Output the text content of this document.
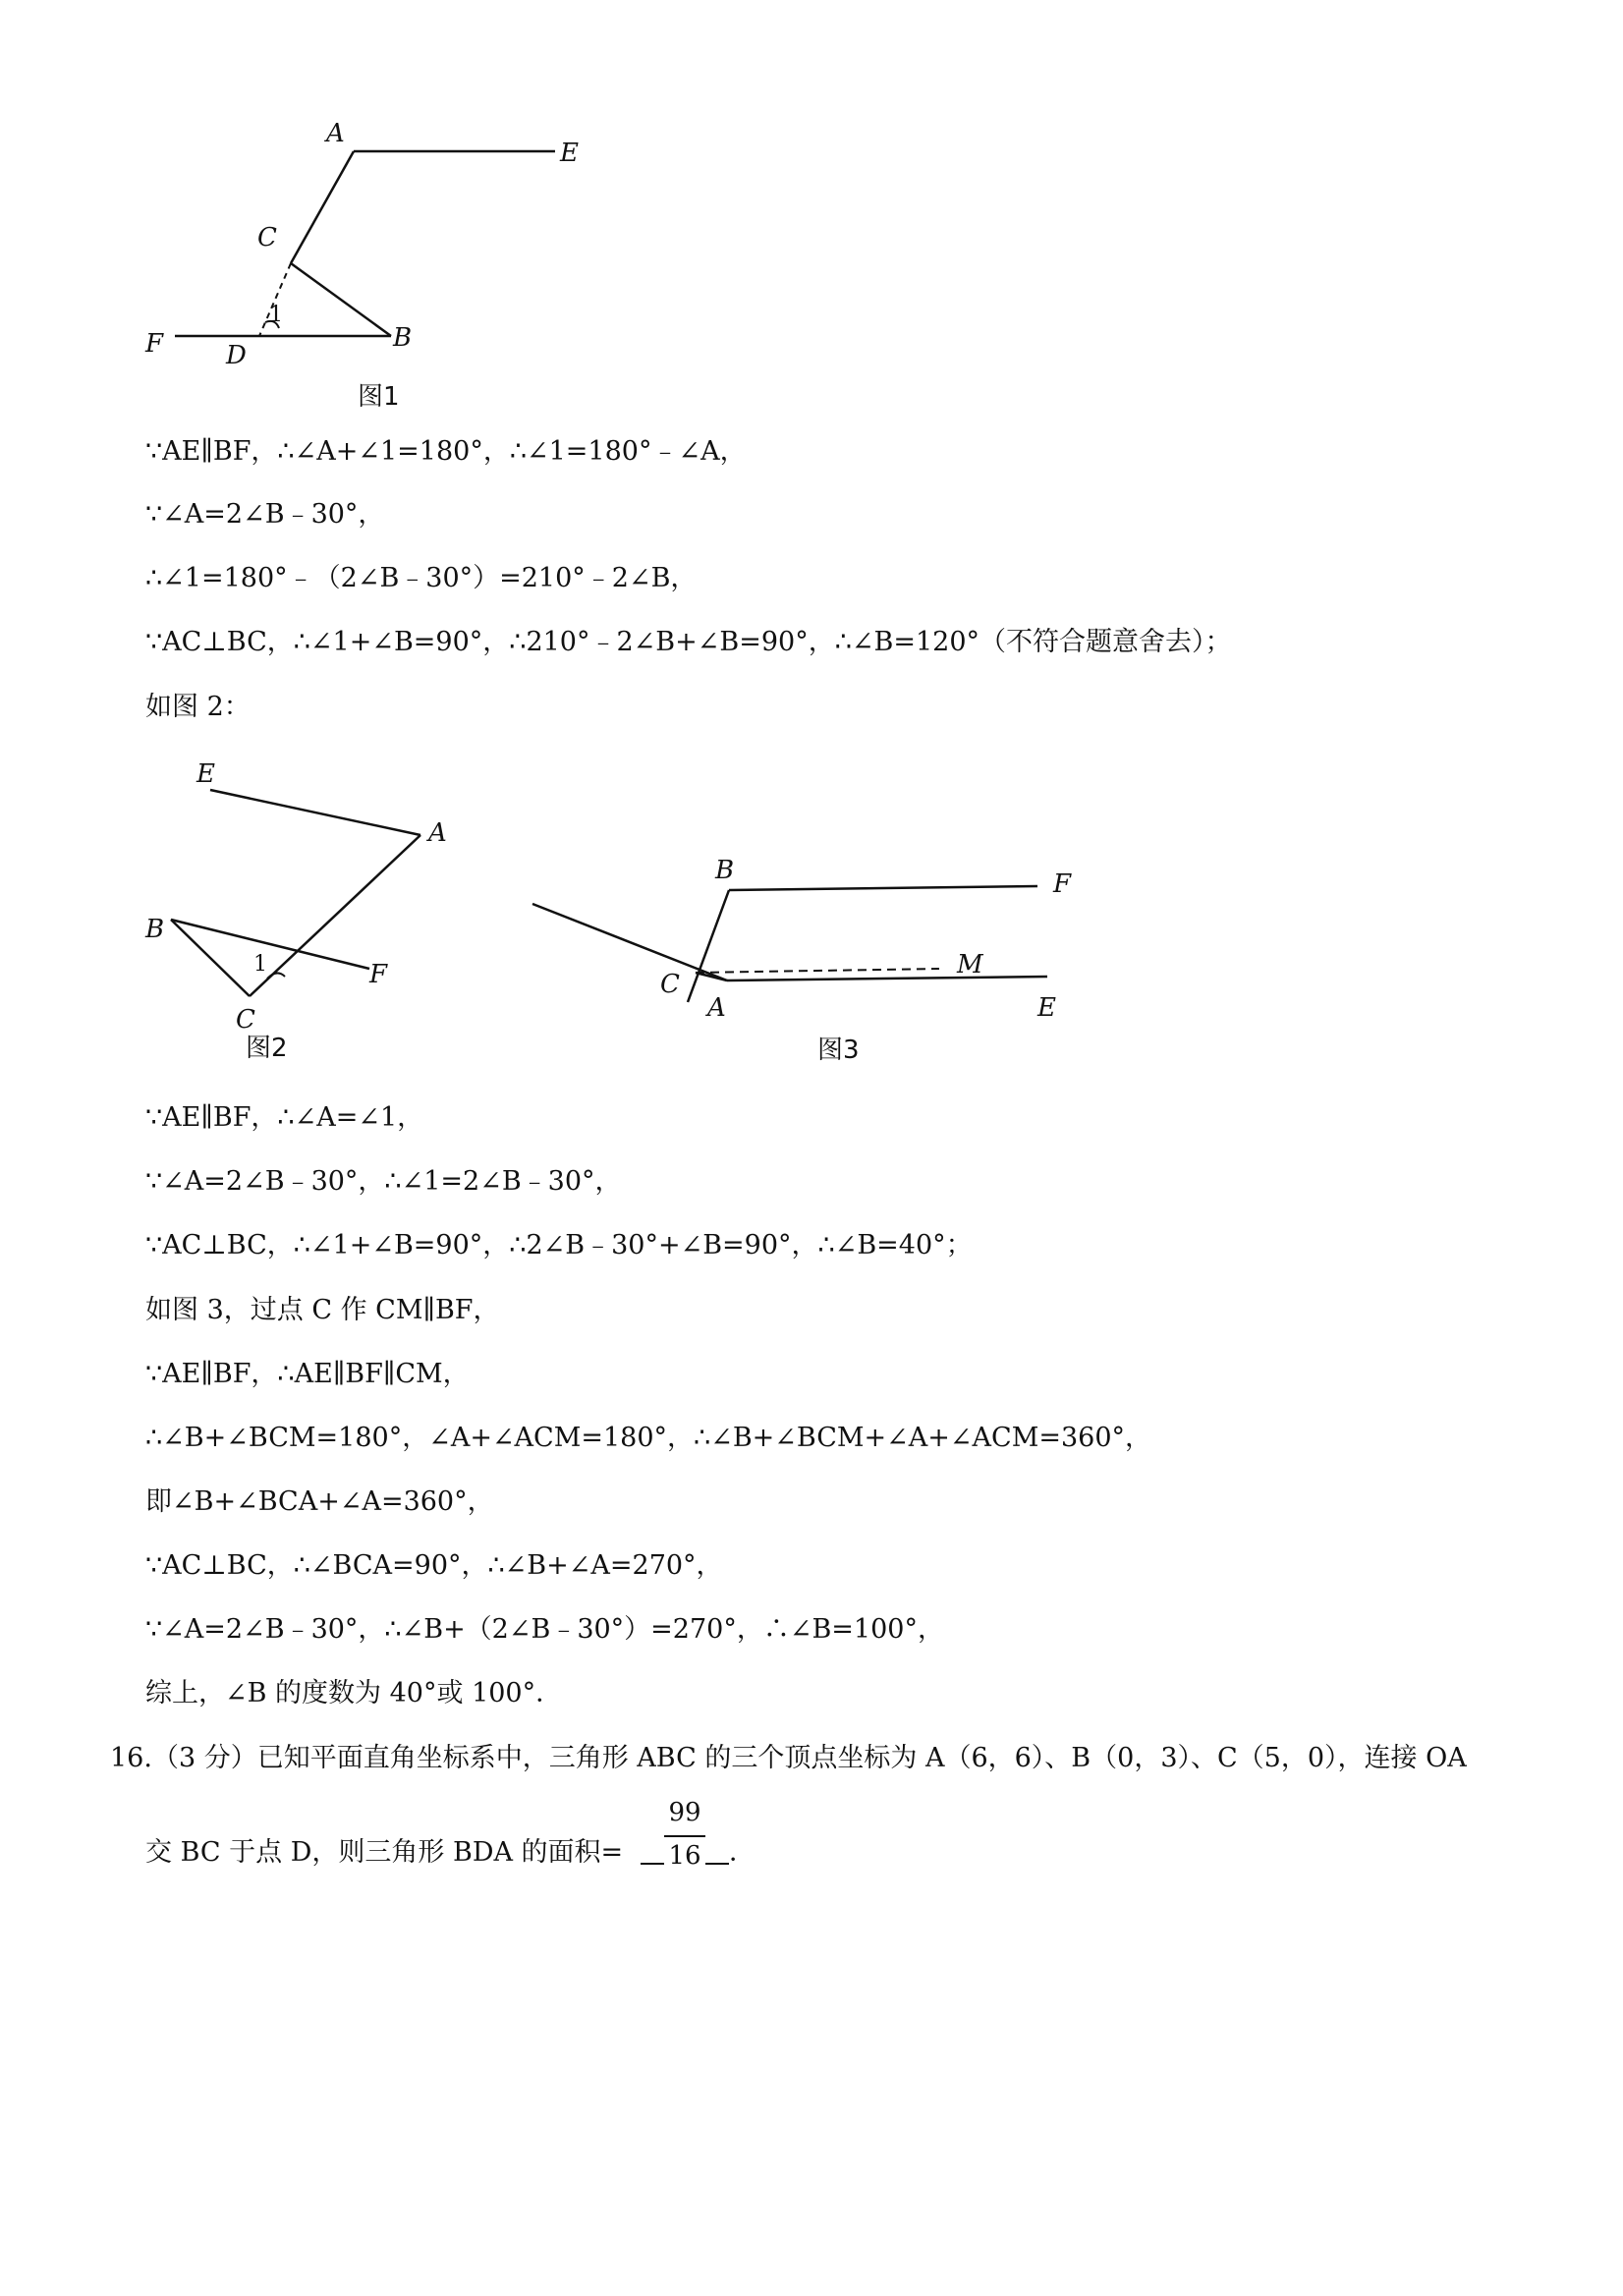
A
E
C
1
F D
B
图1
∵AE∥BF，∴∠A+∠1=180°，∴∠1=180°﹣∠A，
∵∠A=2∠B﹣30°，
∴∠1=180°﹣（2∠B﹣30°）=210°﹣2∠B，
∵AC⊥BC，∴∠1+∠B=90°，∴210°﹣2∠B+∠B=90°，∴∠B=120°（不符合题意舍去）；
如图 2：
E
A
B
1	F
C
图2
B	F
M
C
A	E
图3
∵AE∥BF，∴∠A=∠1，
∵∠A=2∠B﹣30°，∴∠1=2∠B﹣30°，
∵AC⊥BC，∴∠1+∠B=90°，∴2∠B﹣30°+∠B=90°，∴∠B=40°；
如图 3，过点 C 作 CM∥BF，
∵AE∥BF，∴AE∥BF∥CM，
∴∠B+∠BCM=180°，∠A+∠ACM=180°，∴∠B+∠BCM+∠A+∠ACM=360°，
即∠B+∠BCA+∠A=360°，
∵AC⊥BC，∴∠BCA=90°，∴∠B+∠A=270°，
∵∠A=2∠B﹣30°，∴∠B+（2∠B﹣30°）=270°，∴∠B=100°，
综上，∠B 的度数为 40°或 100°．
16.（3 分）已知平面直角坐标系中，三角形 ABC 的三个顶点坐标为 A（6，6）、B（0，3）、C（5，0），连接 OA
交 BC 于点 D，则三角形 BDA 的面积=
99
16	．
